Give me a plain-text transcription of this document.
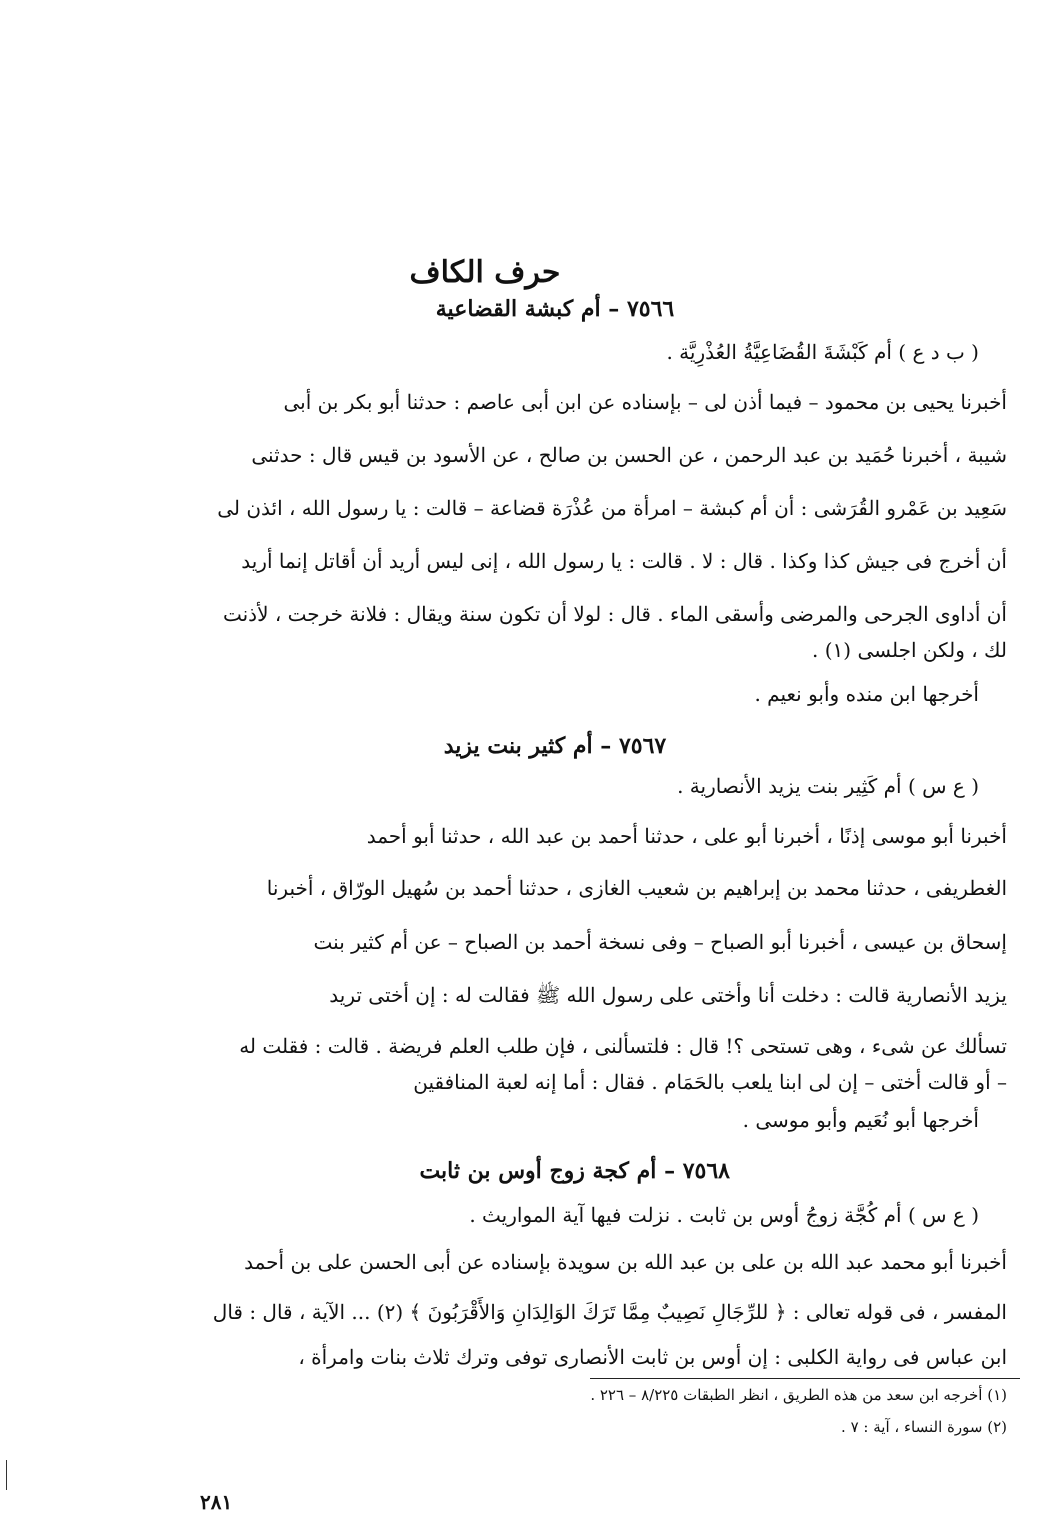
حرف الكاف
٧٥٦٦ – أم كبشة القضاعية
( ب د ع ) أم كَبْشَةَ القُضَاعِيَّةُ العُذْرِيَّة .
أخبرنا يحيى بن محمود – فيما أذن لى – بإسناده عن ابن أبى عاصم : حدثنا أبو بكر بن أبى
شيبة ، أخبرنا حُمَيد بن عبد الرحمن ، عن الحسن بن صالح ، عن الأسود بن قيس قال : حدثنى
سَعِيد بن عَمْرو القُرَشى : أن أم كبشة – امرأة من عُذْرَة قضاعة – قالت : يا رسول الله ، ائذن لى
أن أخرج فى جيش كذا وكذا . قال : لا . قالت : يا رسول الله ، إنى ليس أريد أن أقاتل إنما أريد
أن أداوى الجرحى والمرضى وأسقى الماء . قال : لولا أن تكون سنة ويقال : فلانة خرجت ، لأذنت
لك ، ولكن اجلسى (١) .
أخرجها ابن منده وأبو نعيم .
٧٥٦٧ – أم كثير بنت يزيد
( ع س ) أم كَثِير بنت يزيد الأنصارية .
أخبرنا أبو موسى إذنًا ، أخبرنا أبو على ، حدثنا أحمد بن عبد الله ، حدثنا أبو أحمد
الغطريفى ، حدثنا محمد بن إبراهيم بن شعيب الغازى ، حدثنا أحمد بن سُهيل الورّاق ، أخبرنا
إسحاق بن عيسى ، أخبرنا أبو الصباح – وفى نسخة أحمد بن الصباح – عن أم كثير بنت
يزيد الأنصارية قالت : دخلت أنا وأختى على رسول الله ﷺ فقالت له : إن أختى تريد
تسألك عن شىء ، وهى تستحى ؟! قال : فلتسألنى ، فإن طلب العلم فريضة . قالت : فقلت له
– أو قالت أختى – إن لى ابنا يلعب بالحَمَام . فقال : أما إنه لعبة المنافقين
أخرجها أبو نُعَيم وأبو موسى .
٧٥٦٨ – أم كجة زوج أوس بن ثابت
( ع س ) أم كُجَّة زوجُ أوس بن ثابت . نزلت فيها آية المواريث .
أخبرنا أبو محمد عبد الله بن على بن عبد الله بن سويدة بإسناده عن أبى الحسن على بن أحمد
المفسر ، فى قوله تعالى : ﴿ للرِّجَالِ نَصِيبٌ مِمَّا تَرَكَ الوَالِدَانِ وَالأَقْرَبُونَ ﴾ (٢) ... الآية ، قال : قال
ابن عباس فى رواية الكلبى : إن أوس بن ثابت الأنصارى توفى وترك ثلاث بنات وامرأة ،
(١) أخرجه ابن سعد من هذه الطريق ، انظر الطبقات ٨/٢٢٥ – ٢٢٦ .
(٢) سورة النساء ، آية : ٧ .
٢٨١
